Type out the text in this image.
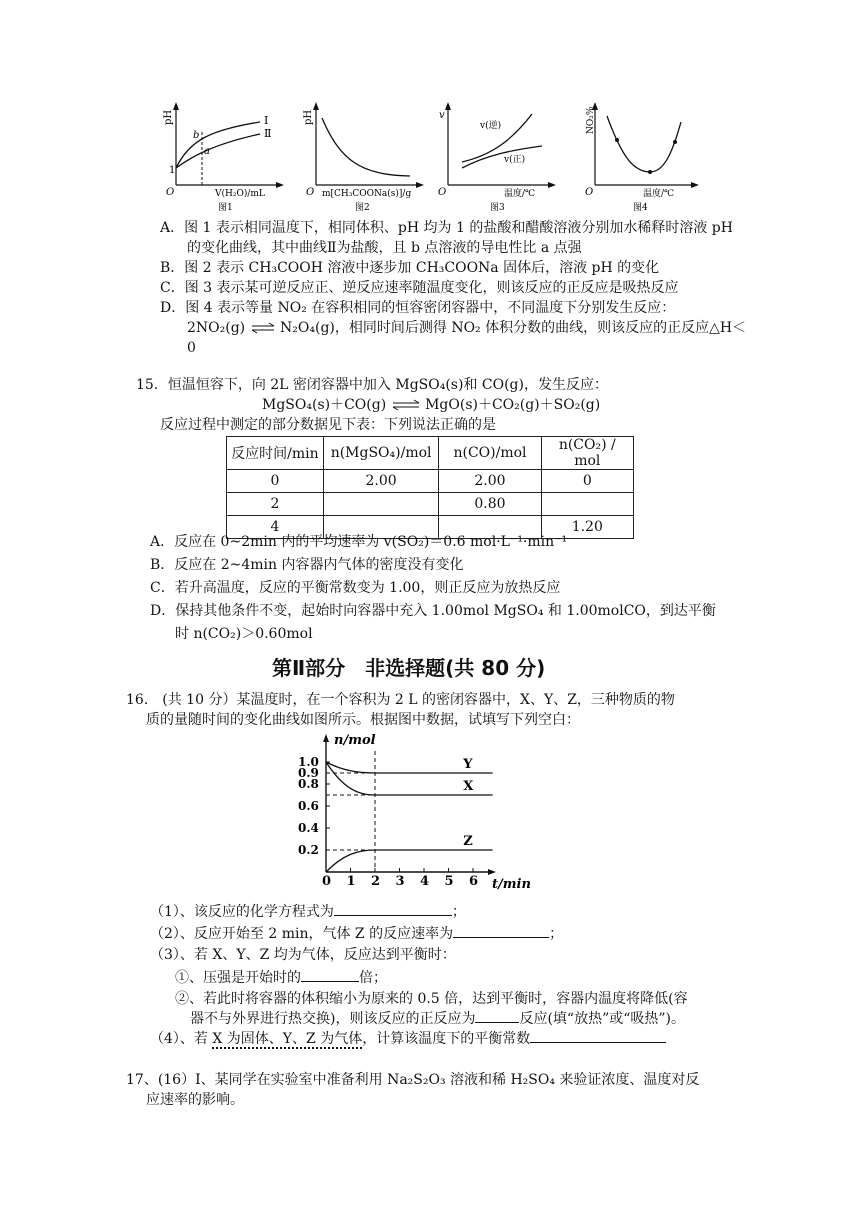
pH
1
Ⅰ
Ⅱ
b
a
O	V(H₂O)/mL
图1
pH
O m[CH₃COONa(s)]/g
图2
v
v(逆)
v(正)
O	温度/℃
图3
NO₂%
O	温度/℃
图4
A．图 1 表示相同温度下，相同体积、pH 均为 1 的盐酸和醋酸溶液分别加水稀释时溶液 pH
的变化曲线，其中曲线Ⅱ为盐酸，且 b 点溶液的导电性比 a 点强
B．图 2 表示 CH₃COOH 溶液中逐步加 CH₃COONa 固体后，溶液 pH 的变化
C．图 3 表示某可逆反应正、逆反应速率随温度变化，则该反应的正反应是吸热反应
D．图 4 表示等量 NO₂ 在容积相同的恒容密闭容器中，不同温度下分别发生反应：
2NO₂(g) ⇌ N₂O₄(g)，相同时间后测得 NO₂ 体积分数的曲线，则该反应的正反应△H＜
0
15．恒温恒容下，向 2L 密闭容器中加入 MgSO₄(s)和 CO(g)，发生反应：
MgSO₄(s)＋CO(g) ⇌ MgO(s)＋CO₂(g)＋SO₂(g)
反应过程中测定的部分数据见下表：下列说法正确的是
反应时间/min	n(MgSO₄)/mol	n(CO)/mol	n(CO₂) / mol
0	2.00	2.00	0
2		0.80	
4			1.20
A．反应在 0~2min 内的平均速率为 v(SO₂)＝0.6 mol·L⁻¹·min⁻¹
B．反应在 2~4min 内容器内气体的密度没有变化
C．若升高温度，反应的平衡常数变为 1.00，则正反应为放热反应
D．保持其他条件不变，起始时向容器中充入 1.00mol MgSO₄ 和 1.00molCO，到达平衡
时 n(CO₂)＞0.60mol
第Ⅱ部分　非选择题(共 80 分)
16.　(共 10 分）某温度时，在一个容积为 2 L 的密闭容器中，X、Y、Z，三种物质的物
质的量随时间的变化曲线如图所示。根据图中数据，试填写下列空白：
n/mol
t/min
0
1.0
0.9
0.8
0.6
0.4
0.2
1 2 3 4 5 6
Y
X
Z
（1）、该反应的化学方程式为	；
（2）、反应开始至 2 min，气体 Z 的反应速率为	；
（3）、若 X、Y、Z 均为气体，反应达到平衡时：
①、压强是开始时的	倍；
②、若此时将容器的体积缩小为原来的 0.5 倍，达到平衡时，容器内温度将降低(容
器不与外界进行热交换)，则该反应的正反应为	反应(填“放热”或“吸热”)。
（4）、若 X 为固体、Y、Z 为气体，计算该温度下的平衡常数
17、(16）Ⅰ、某同学在实验室中准备利用 Na₂S₂O₃ 溶液和稀 H₂SO₄ 来验证浓度、温度对反
应速率的影响。
